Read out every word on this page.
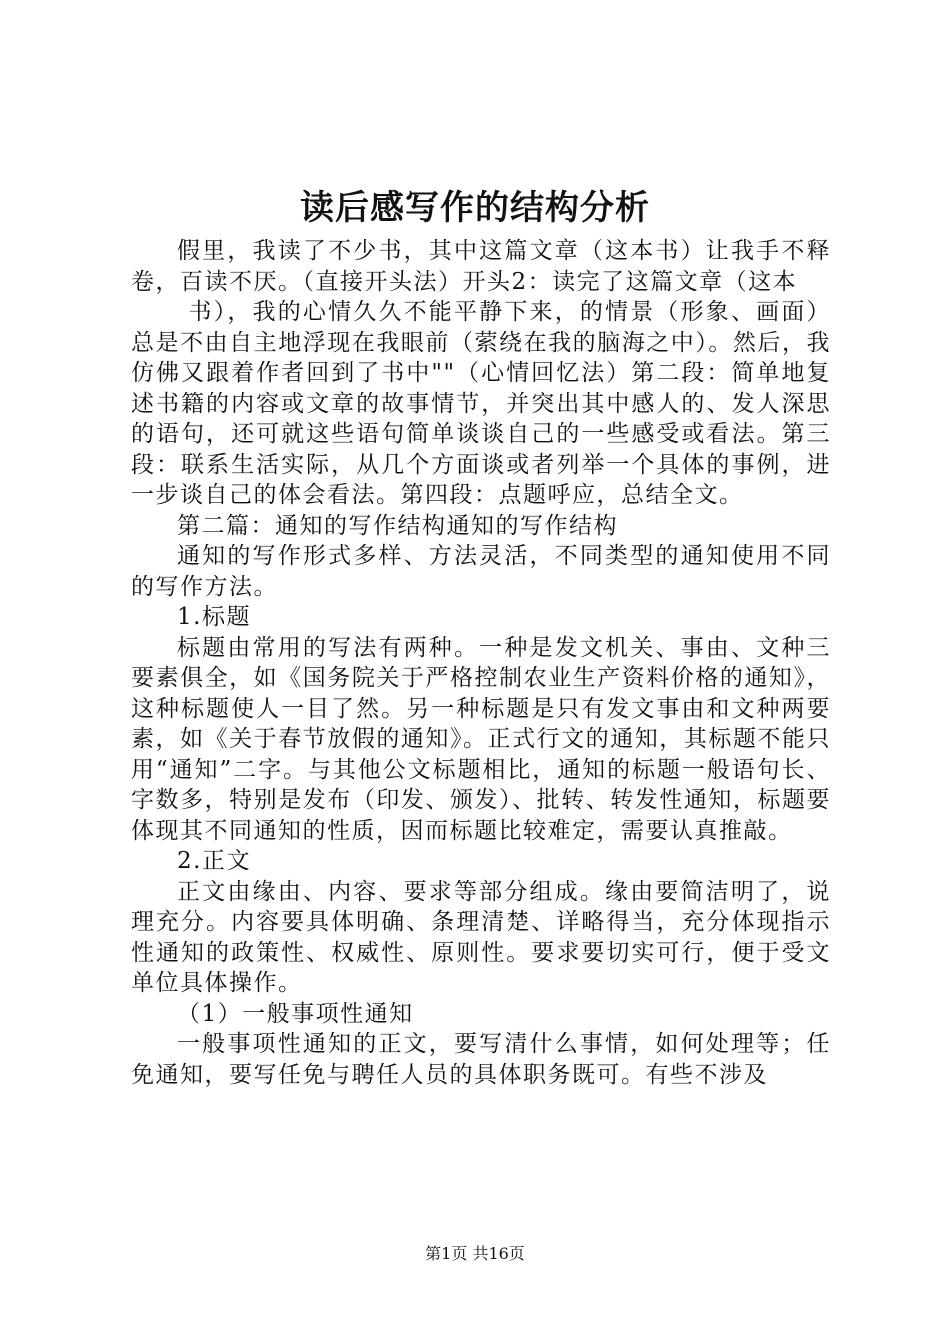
读后感写作的结构分析

假里，我读了不少书，其中这篇文章（这本书）让我手不释卷，百读不厌。（直接开头法）开头2：读完了这篇文章（这本

书），我的心情久久不能平静下来，的情景（形象、画面）总是不由自主地浮现在我眼前（萦绕在我的脑海之中）。然后，我仿佛又跟着作者回到了书中""（心情回忆法）第二段：简单地复述书籍的内容或文章的故事情节，并突出其中感人的、发人深思的语句，还可就这些语句简单谈谈自己的一些感受或看法。第三段：联系生活实际，从几个方面谈或者列举一个具体的事例，进一步谈自己的体会看法。第四段：点题呼应，总结全文。

第二篇：通知的写作结构通知的写作结构

通知的写作形式多样、方法灵活，不同类型的通知使用不同的写作方法。

1.标题

标题由常用的写法有两种。一种是发文机关、事由、文种三要素俱全，如《国务院关于严格控制农业生产资料价格的通知》，这种标题使人一目了然。另一种标题是只有发文事由和文种两要素，如《关于春节放假的通知》。正式行文的通知，其标题不能只用“通知”二字。与其他公文标题相比，通知的标题一般语句长、字数多，特别是发布（印发、颁发）、批转、转发性通知，标题要体现其不同通知的性质，因而标题比较难定，需要认真推敲。

2.正文

正文由缘由、内容、要求等部分组成。缘由要简洁明了，说理充分。内容要具体明确、条理清楚、详略得当，充分体现指示性通知的政策性、权威性、原则性。要求要切实可行，便于受文单位具体操作。

（1）一般事项性通知

一般事项性通知的正文，要写清什么事情，如何处理等；任免通知，要写任免与聘任人员的具体职务既可。有些不涉及

第1页 共16页
